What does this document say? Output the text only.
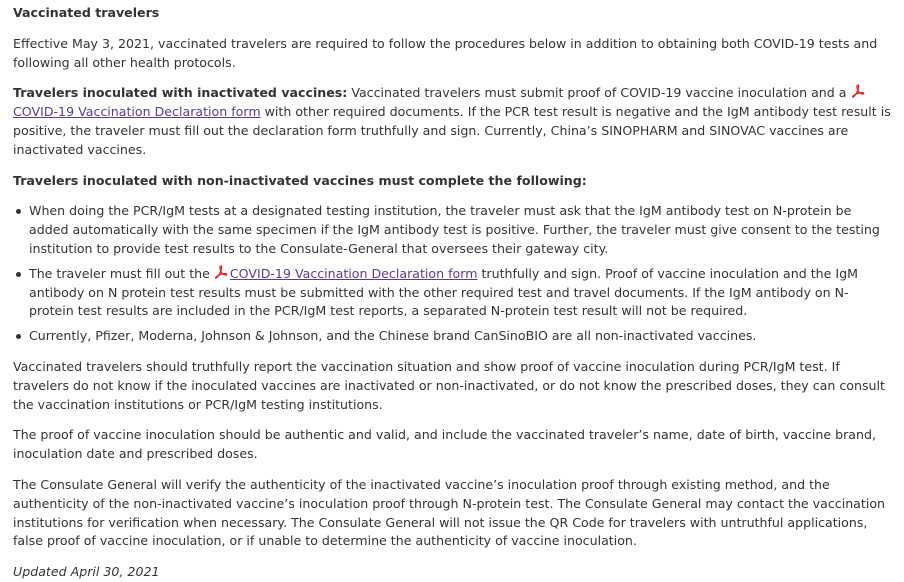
Vaccinated travelers

Effective May 3, 2021, vaccinated travelers are required to follow the procedures below in addition to obtaining both COVID-19 tests and following all other health protocols.

Travelers inoculated with inactivated vaccines: Vaccinated travelers must submit proof of COVID-19 vaccine inoculation and a COVID-19 Vaccination Declaration form with other required documents. If the PCR test result is negative and the IgM antibody test result is positive, the traveler must fill out the declaration form truthfully and sign. Currently, China’s SINOPHARM and SINOVAC vaccines are inactivated vaccines.

Travelers inoculated with non-inactivated vaccines must complete the following:

When doing the PCR/IgM tests at a designated testing institution, the traveler must ask that the IgM antibody test on N-protein be added automatically with the same specimen if the IgM antibody test is positive. Further, the traveler must give consent to the testing institution to provide test results to the Consulate-General that oversees their gateway city.
The traveler must fill out the COVID-19 Vaccination Declaration form truthfully and sign. Proof of vaccine inoculation and the IgM antibody on N protein test results must be submitted with the other required test and travel documents. If the IgM antibody on N-protein test results are included in the PCR/IgM test reports, a separated N-protein test result will not be required.
Currently, Pfizer, Moderna, Johnson & Johnson, and the Chinese brand CanSinoBIO are all non-inactivated vaccines.

Vaccinated travelers should truthfully report the vaccination situation and show proof of vaccine inoculation during PCR/IgM test. If travelers do not know if the inoculated vaccines are inactivated or non-inactivated, or do not know the prescribed doses, they can consult the vaccination institutions or PCR/IgM testing institutions.

The proof of vaccine inoculation should be authentic and valid, and include the vaccinated traveler’s name, date of birth, vaccine brand, inoculation date and prescribed doses.

The Consulate General will verify the authenticity of the inactivated vaccine’s inoculation proof through existing method, and the authenticity of the non-inactivated vaccine’s inoculation proof through N-protein test. The Consulate General may contact the vaccination institutions for verification when necessary. The Consulate General will not issue the QR Code for travelers with untruthful applications, false proof of vaccine inoculation, or if unable to determine the authenticity of vaccine inoculation.

Updated April 30, 2021
